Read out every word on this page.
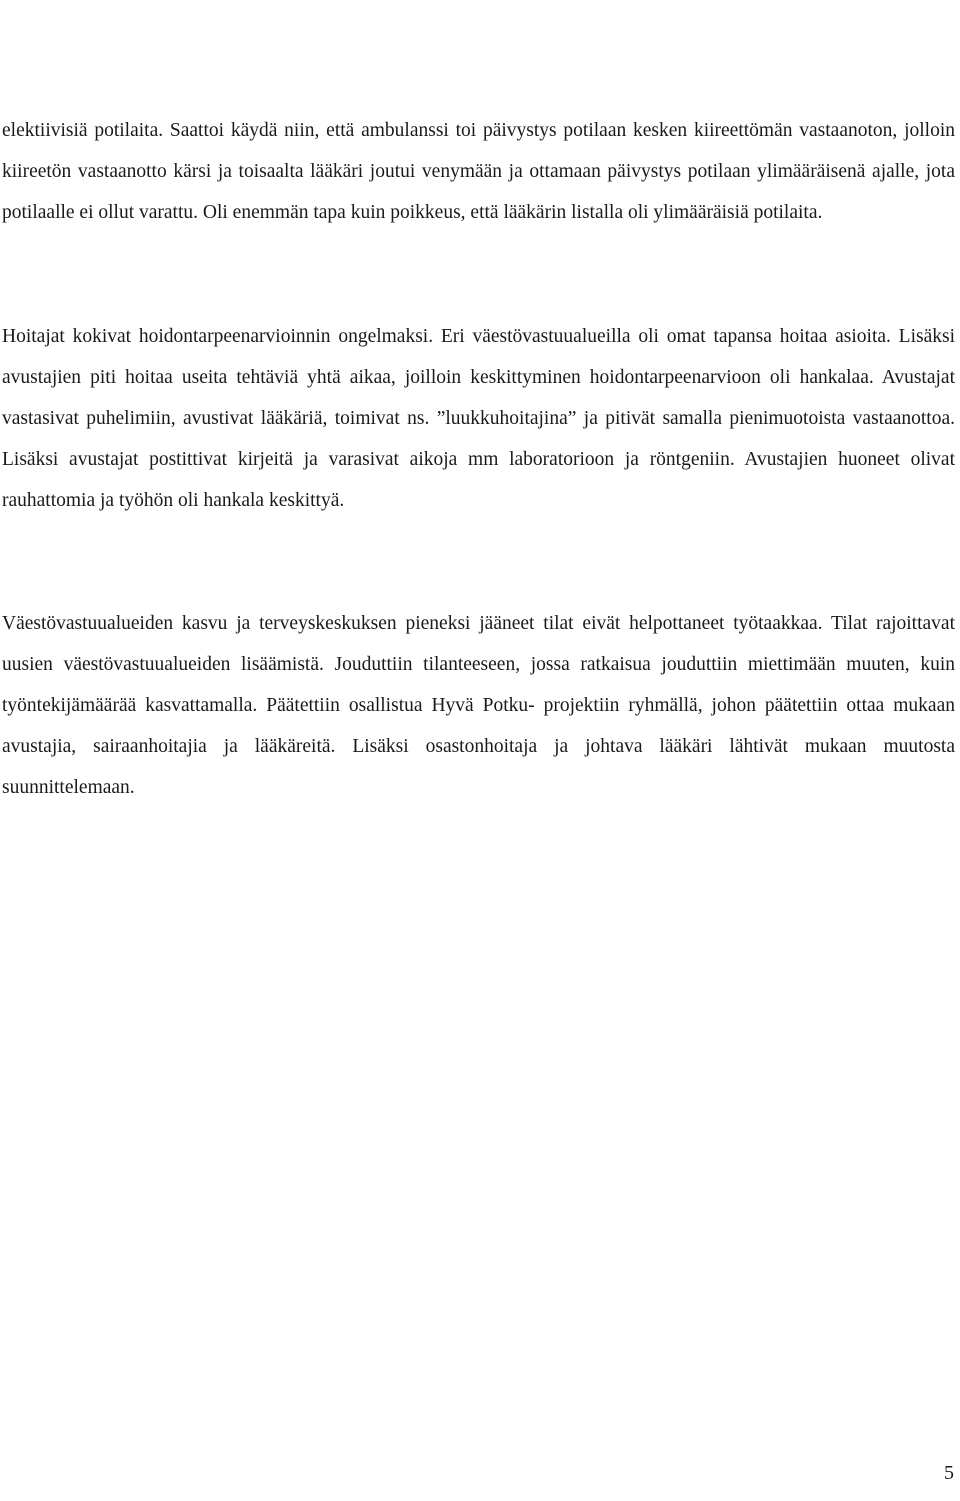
elektiivisiä potilaita. Saattoi käydä niin, että ambulanssi toi päivystys potilaan kesken kiireettömän vastaanoton, jolloin kiireetön vastaanotto kärsi ja toisaalta lääkäri joutui venymään ja ottamaan päivystys potilaan ylimääräisenä ajalle, jota potilaalle ei ollut varattu. Oli enemmän tapa kuin poikkeus, että lääkärin listalla oli ylimääräisiä potilaita.

Hoitajat kokivat hoidontarpeenarvioinnin ongelmaksi. Eri väestövastuualueilla oli omat tapansa hoitaa asioita. Lisäksi avustajien piti hoitaa useita tehtäviä yhtä aikaa, joilloin keskittyminen hoidontarpeenarvioon oli hankalaa. Avustajat vastasivat puhelimiin, avustivat lääkäriä, toimivat ns. ”luukkuhoitajina” ja pitivät samalla pienimuotoista vastaanottoa. Lisäksi avustajat postittivat kirjeitä ja varasivat aikoja mm laboratorioon ja röntgeniin. Avustajien huoneet olivat rauhattomia ja työhön oli hankala keskittyä.

Väestövastuualueiden kasvu ja terveyskeskuksen pieneksi jääneet tilat eivät helpottaneet työtaakkaa. Tilat rajoittavat uusien väestövastuualueiden lisäämistä. Jouduttiin tilanteeseen, jossa ratkaisua jouduttiin miettimään muuten, kuin työntekijämäärää kasvattamalla. Päätettiin osallistua Hyvä Potku- projektiin ryhmällä, johon päätettiin ottaa mukaan avustajia, sairaanhoitajia ja lääkäreitä. Lisäksi osastonhoitaja ja johtava lääkäri lähtivät mukaan muutosta suunnittelemaan.

5
